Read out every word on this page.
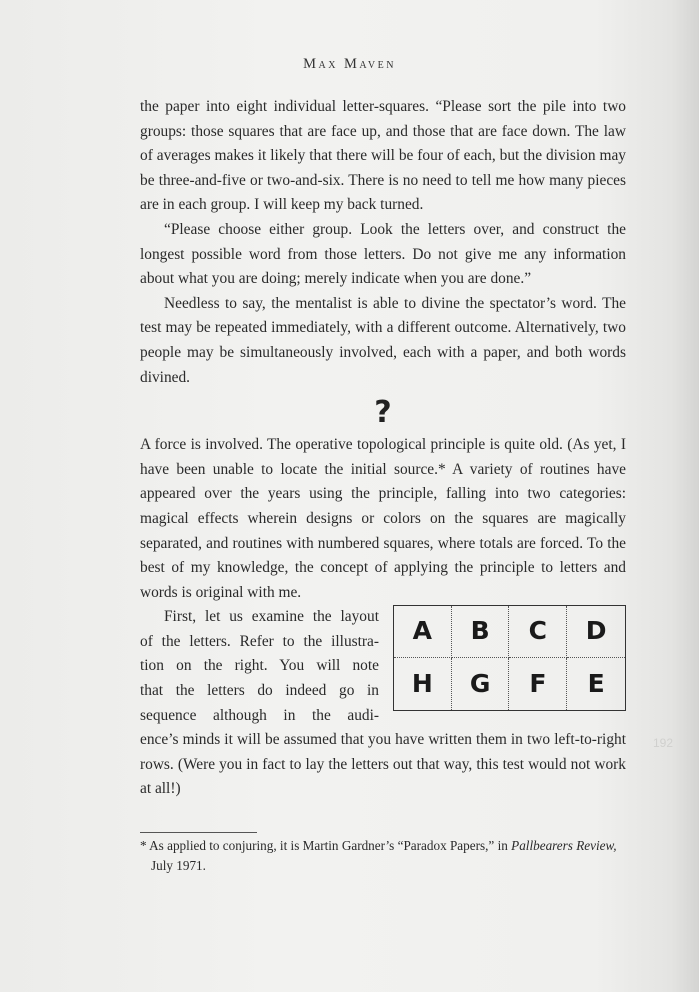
Max Maven

the paper into eight individual letter-squares. “Please sort the pile into two groups: those squares that are face up, and those that are face down. The law of averages makes it likely that there will be four of each, but the division may be three-and-five or two-and-six. There is no need to tell me how many pieces are in each group. I will keep my back turned.

“Please choose either group. Look the letters over, and construct the longest possible word from those letters. Do not give me any information about what you are doing; merely indicate when you are done.”

Needless to say, the mentalist is able to divine the spectator’s word. The test may be repeated immediately, with a different outcome. Alternatively, two people may be simultaneously involved, each with a paper, and both words divined.

?

A force is involved. The operative topological principle is quite old. (As yet, I have been unable to locate the initial source.* A variety of routines have appeared over the years using the principle, falling into two categories: magical effects wherein designs or colors on the squares are magically separated, and routines with numbered squares, where totals are forced. To the best of my knowledge, the concept of applying the principle to letters and words is original with me.

First, let us examine the layout

of the letters. Refer to the illustra-

tion on the right. You will note

that the letters do indeed go in

sequence although in the audi-

A	B	C	D
H	G	F	E

ence’s minds it will be assumed that you have written them in two left-to-right rows. (Were you in fact to lay the letters out that way, this test would not work at all!)

* As applied to conjuring, it is Martin Gardner’s “Paradox Papers,” in Pallbearers Review, July 1971.

192
